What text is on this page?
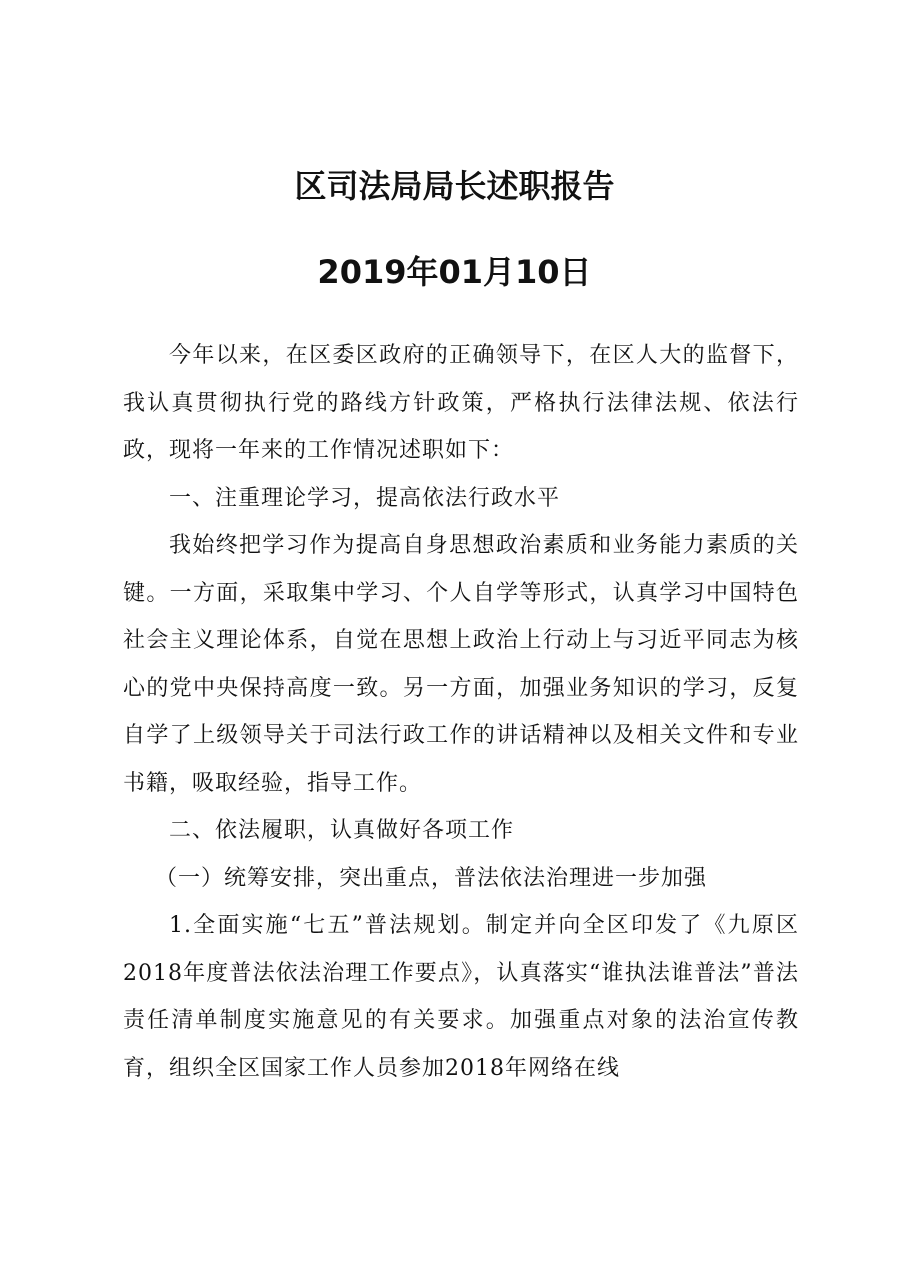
区司法局局长述职报告
2019年01月10日

今年以来，在区委区政府的正确领导下，在区人大的监督下，我认真贯彻执行党的路线方针政策，严格执行法律法规、依法行政，现将一年来的工作情况述职如下：

一、注重理论学习，提高依法行政水平

我始终把学习作为提高自身思想政治素质和业务能力素质的关键。一方面，采取集中学习、个人自学等形式，认真学习中国特色社会主义理论体系，自觉在思想上政治上行动上与习近平同志为核心的党中央保持高度一致。另一方面，加强业务知识的学习，反复自学了上级领导关于司法行政工作的讲话精神以及相关文件和专业书籍，吸取经验，指导工作。

二、依法履职，认真做好各项工作

（一）统筹安排，突出重点，普法依法治理进一步加强

1.全面实施“七五”普法规划。制定并向全区印发了《九原区2018年度普法依法治理工作要点》，认真落实“谁执法谁普法”普法责任清单制度实施意见的有关要求。加强重点对象的法治宣传教育，组织全区国家工作人员参加2018年网络在线
